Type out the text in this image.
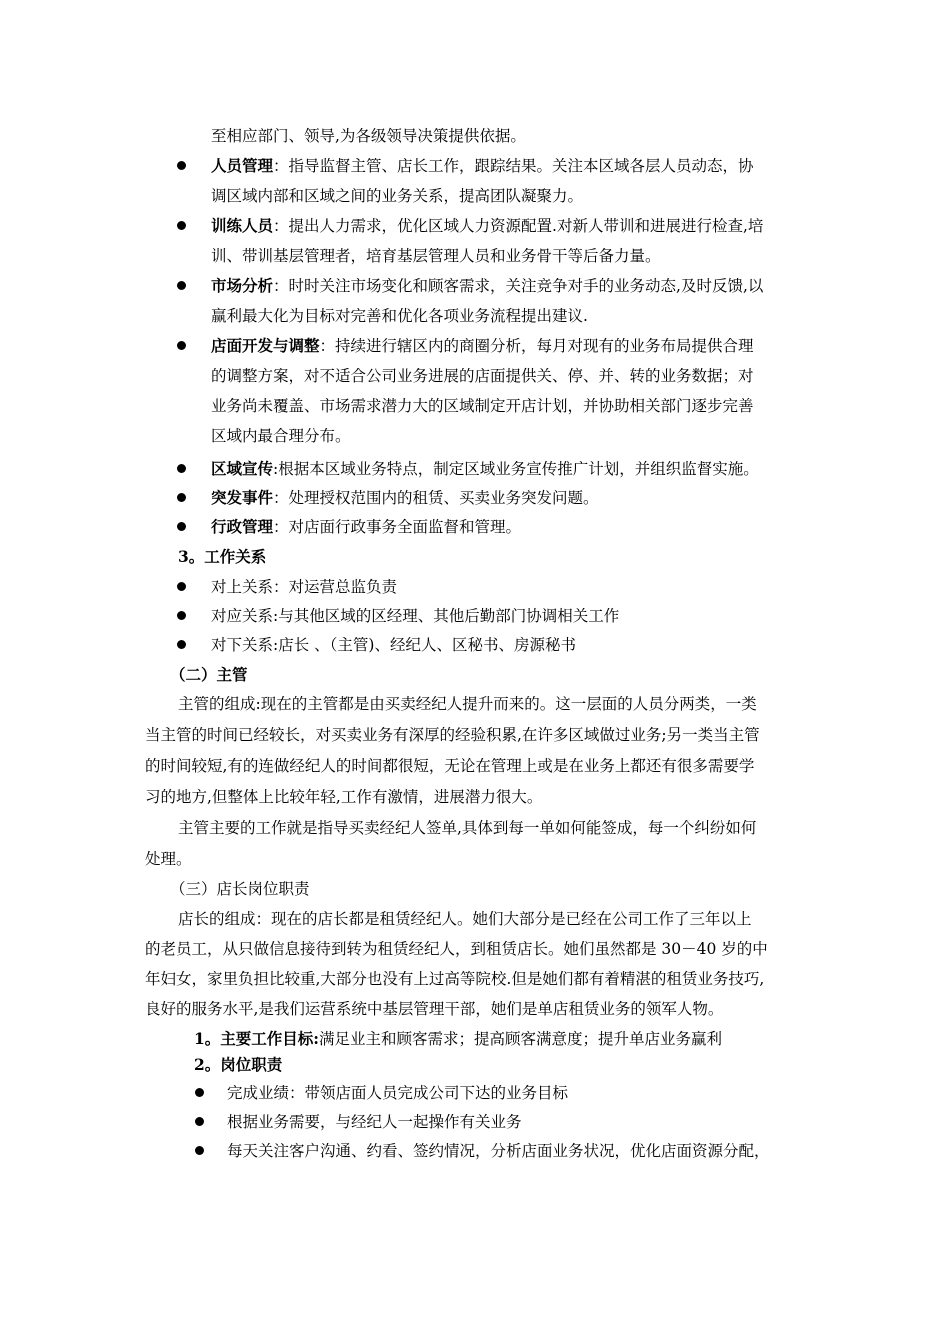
至相应部门、领导,为各级领导决策提供依据。
人员管理：指导监督主管、店长工作，跟踪结果。关注本区域各层人员动态，协
调区域内部和区域之间的业务关系，提高团队凝聚力。
训练人员：提出人力需求，优化区域人力资源配置.对新人带训和进展进行检查,培
训、带训基层管理者，培育基层管理人员和业务骨干等后备力量。
市场分析：时时关注市场变化和顾客需求，关注竞争对手的业务动态,及时反馈,以
赢利最大化为目标对完善和优化各项业务流程提出建议.
店面开发与调整：持续进行辖区内的商圈分析，每月对现有的业务布局提供合理
的调整方案，对不适合公司业务进展的店面提供关、停、并、转的业务数据；对
业务尚未覆盖、市场需求潜力大的区域制定开店计划，并协助相关部门逐步完善
区域内最合理分布。
区域宣传:根据本区域业务特点，制定区域业务宣传推广计划，并组织监督实施。
突发事件：处理授权范围内的租赁、买卖业务突发问题。
行政管理：对店面行政事务全面监督和管理。
3。工作关系
对上关系：对运营总监负责
对应关系:与其他区域的区经理、其他后勤部门协调相关工作
对下关系:店长 、（主管)、经纪人、区秘书、房源秘书
（二）主管
主管的组成:现在的主管都是由买卖经纪人提升而来的。这一层面的人员分两类，一类
当主管的时间已经较长，对买卖业务有深厚的经验积累,在许多区域做过业务;另一类当主管
的时间较短,有的连做经纪人的时间都很短，无论在管理上或是在业务上都还有很多需要学
习的地方,但整体上比较年轻,工作有激情，进展潜力很大。
主管主要的工作就是指导买卖经纪人签单,具体到每一单如何能签成，每一个纠纷如何
处理。
（三）店长岗位职责
店长的组成：现在的店长都是租赁经纪人。她们大部分是已经在公司工作了三年以上
的老员工，从只做信息接待到转为租赁经纪人，到租赁店长。她们虽然都是 30－40 岁的中
年妇女，家里负担比较重,大部分也没有上过高等院校.但是她们都有着精湛的租赁业务技巧,
良好的服务水平,是我们运营系统中基层管理干部，她们是单店租赁业务的领军人物。
1。主要工作目标:满足业主和顾客需求；提高顾客满意度；提升单店业务赢利
2。岗位职责
完成业绩：带领店面人员完成公司下达的业务目标
根据业务需要，与经纪人一起操作有关业务
每天关注客户沟通、约看、签约情况，分析店面业务状况，优化店面资源分配，
